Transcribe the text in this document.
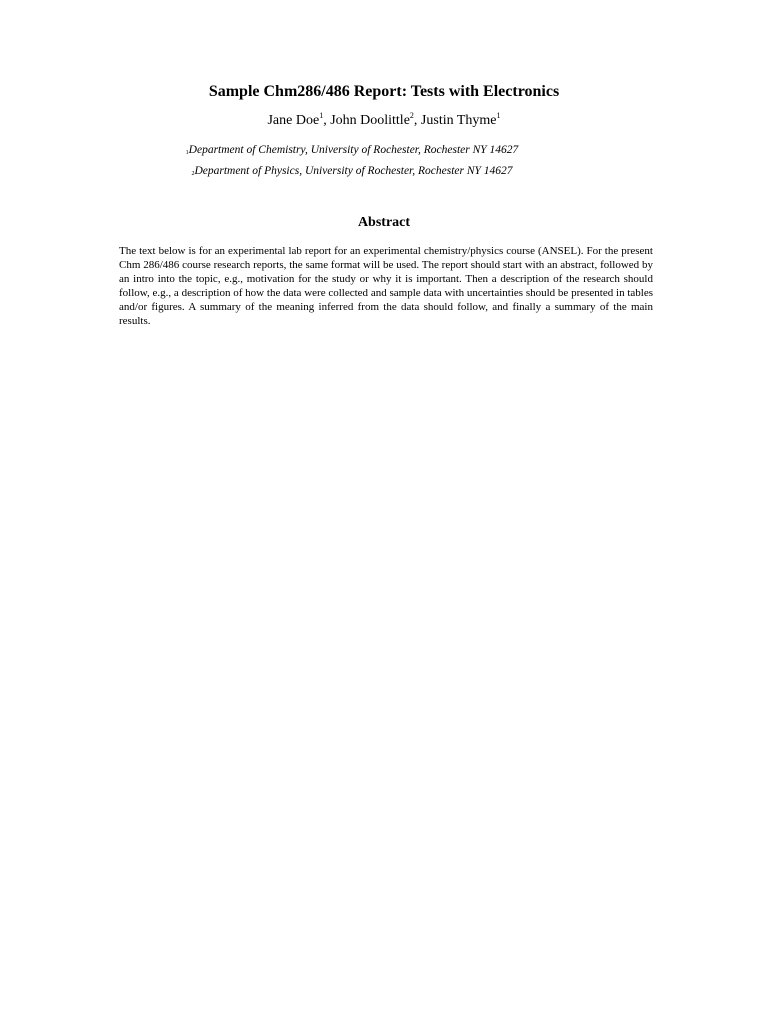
Sample Chm286/486 Report: Tests with Electronics
Jane Doe$^1$, John Doolittle$^2$, Justin Thyme$^1$
$_1$Department of Chemistry, University of Rochester, Rochester NY 14627
$_2$Department of Physics, University of Rochester, Rochester NY 14627
Abstract

The text below is for an experimental lab report for an experimental chemistry/physics course (ANSEL). For the present Chm 286/486 course research reports, the same format will be used. The report should start with an abstract, followed by an intro into the topic, e.g., motivation for the study or why it is important. Then a description of the research should follow, e.g., a description of how the data were collected and sample data with uncertainties should be presented in tables and/or figures. A summary of the meaning inferred from the data should follow, and finally a summary of the main results.
